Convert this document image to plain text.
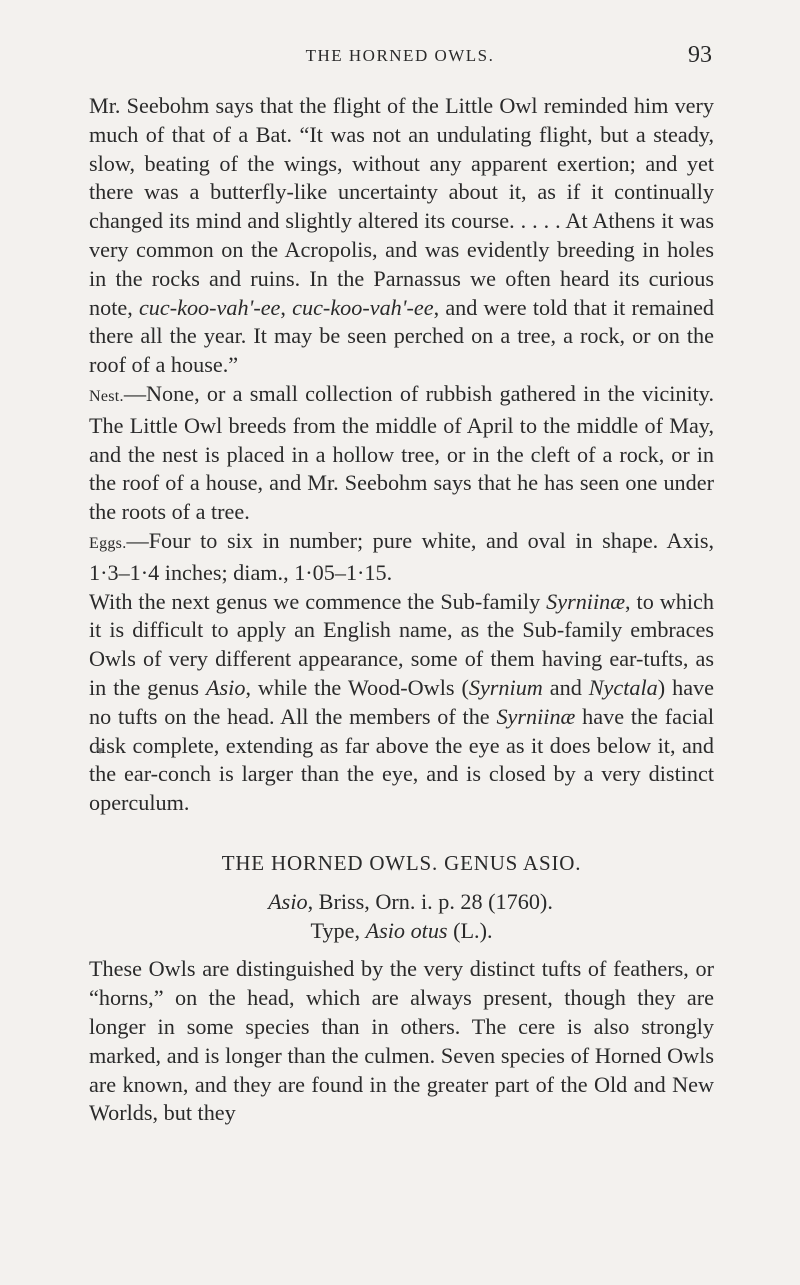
THE HORNED OWLS.	93

Mr. Seebohm says that the flight of the Little Owl reminded him very much of that of a Bat. “It was not an undulating flight, but a steady, slow, beating of the wings, without any apparent exertion; and yet there was a butterfly-like uncertainty about it, as if it continually changed its mind and slightly altered its course. . . . . At Athens it was very common on the Acropolis, and was evidently breeding in holes in the rocks and ruins. In the Parnassus we often heard its curious note, cuc-koo-vah'-ee, cuc-koo-vah'-ee, and were told that it remained there all the year. It may be seen perched on a tree, a rock, or on the roof of a house.”

Nest.—None, or a small collection of rubbish gathered in the vicinity. The Little Owl breeds from the middle of April to the middle of May, and the nest is placed in a hollow tree, or in the cleft of a rock, or in the roof of a house, and Mr. Seebohm says that he has seen one under the roots of a tree.

Eggs.—Four to six in number; pure white, and oval in shape. Axis, 1·3–1·4 inches; diam., 1·05–1·15.

With the next genus we commence the Sub-family Syrniinæ, to which it is difficult to apply an English name, as the Sub-family embraces Owls of very different appearance, some of them having ear-tufts, as in the genus Asio, while the Wood-Owls (Syrnium and Nyctala) have no tufts on the head. All the members of the Syrniinæ have the facial disk complete, extending as far above the eye as it does below it, and the ear-conch is larger than the eye, and is closed by a very distinct operculum.

THE HORNED OWLS. GENUS ASIO.

Asio, Briss, Orn. i. p. 28 (1760).

Type, Asio otus (L.).

These Owls are distinguished by the very distinct tufts of feathers, or “horns,” on the head, which are always present, though they are longer in some species than in others. The cere is also strongly marked, and is longer than the culmen. Seven species of Horned Owls are known, and they are found in the greater part of the Old and New Worlds, but they
